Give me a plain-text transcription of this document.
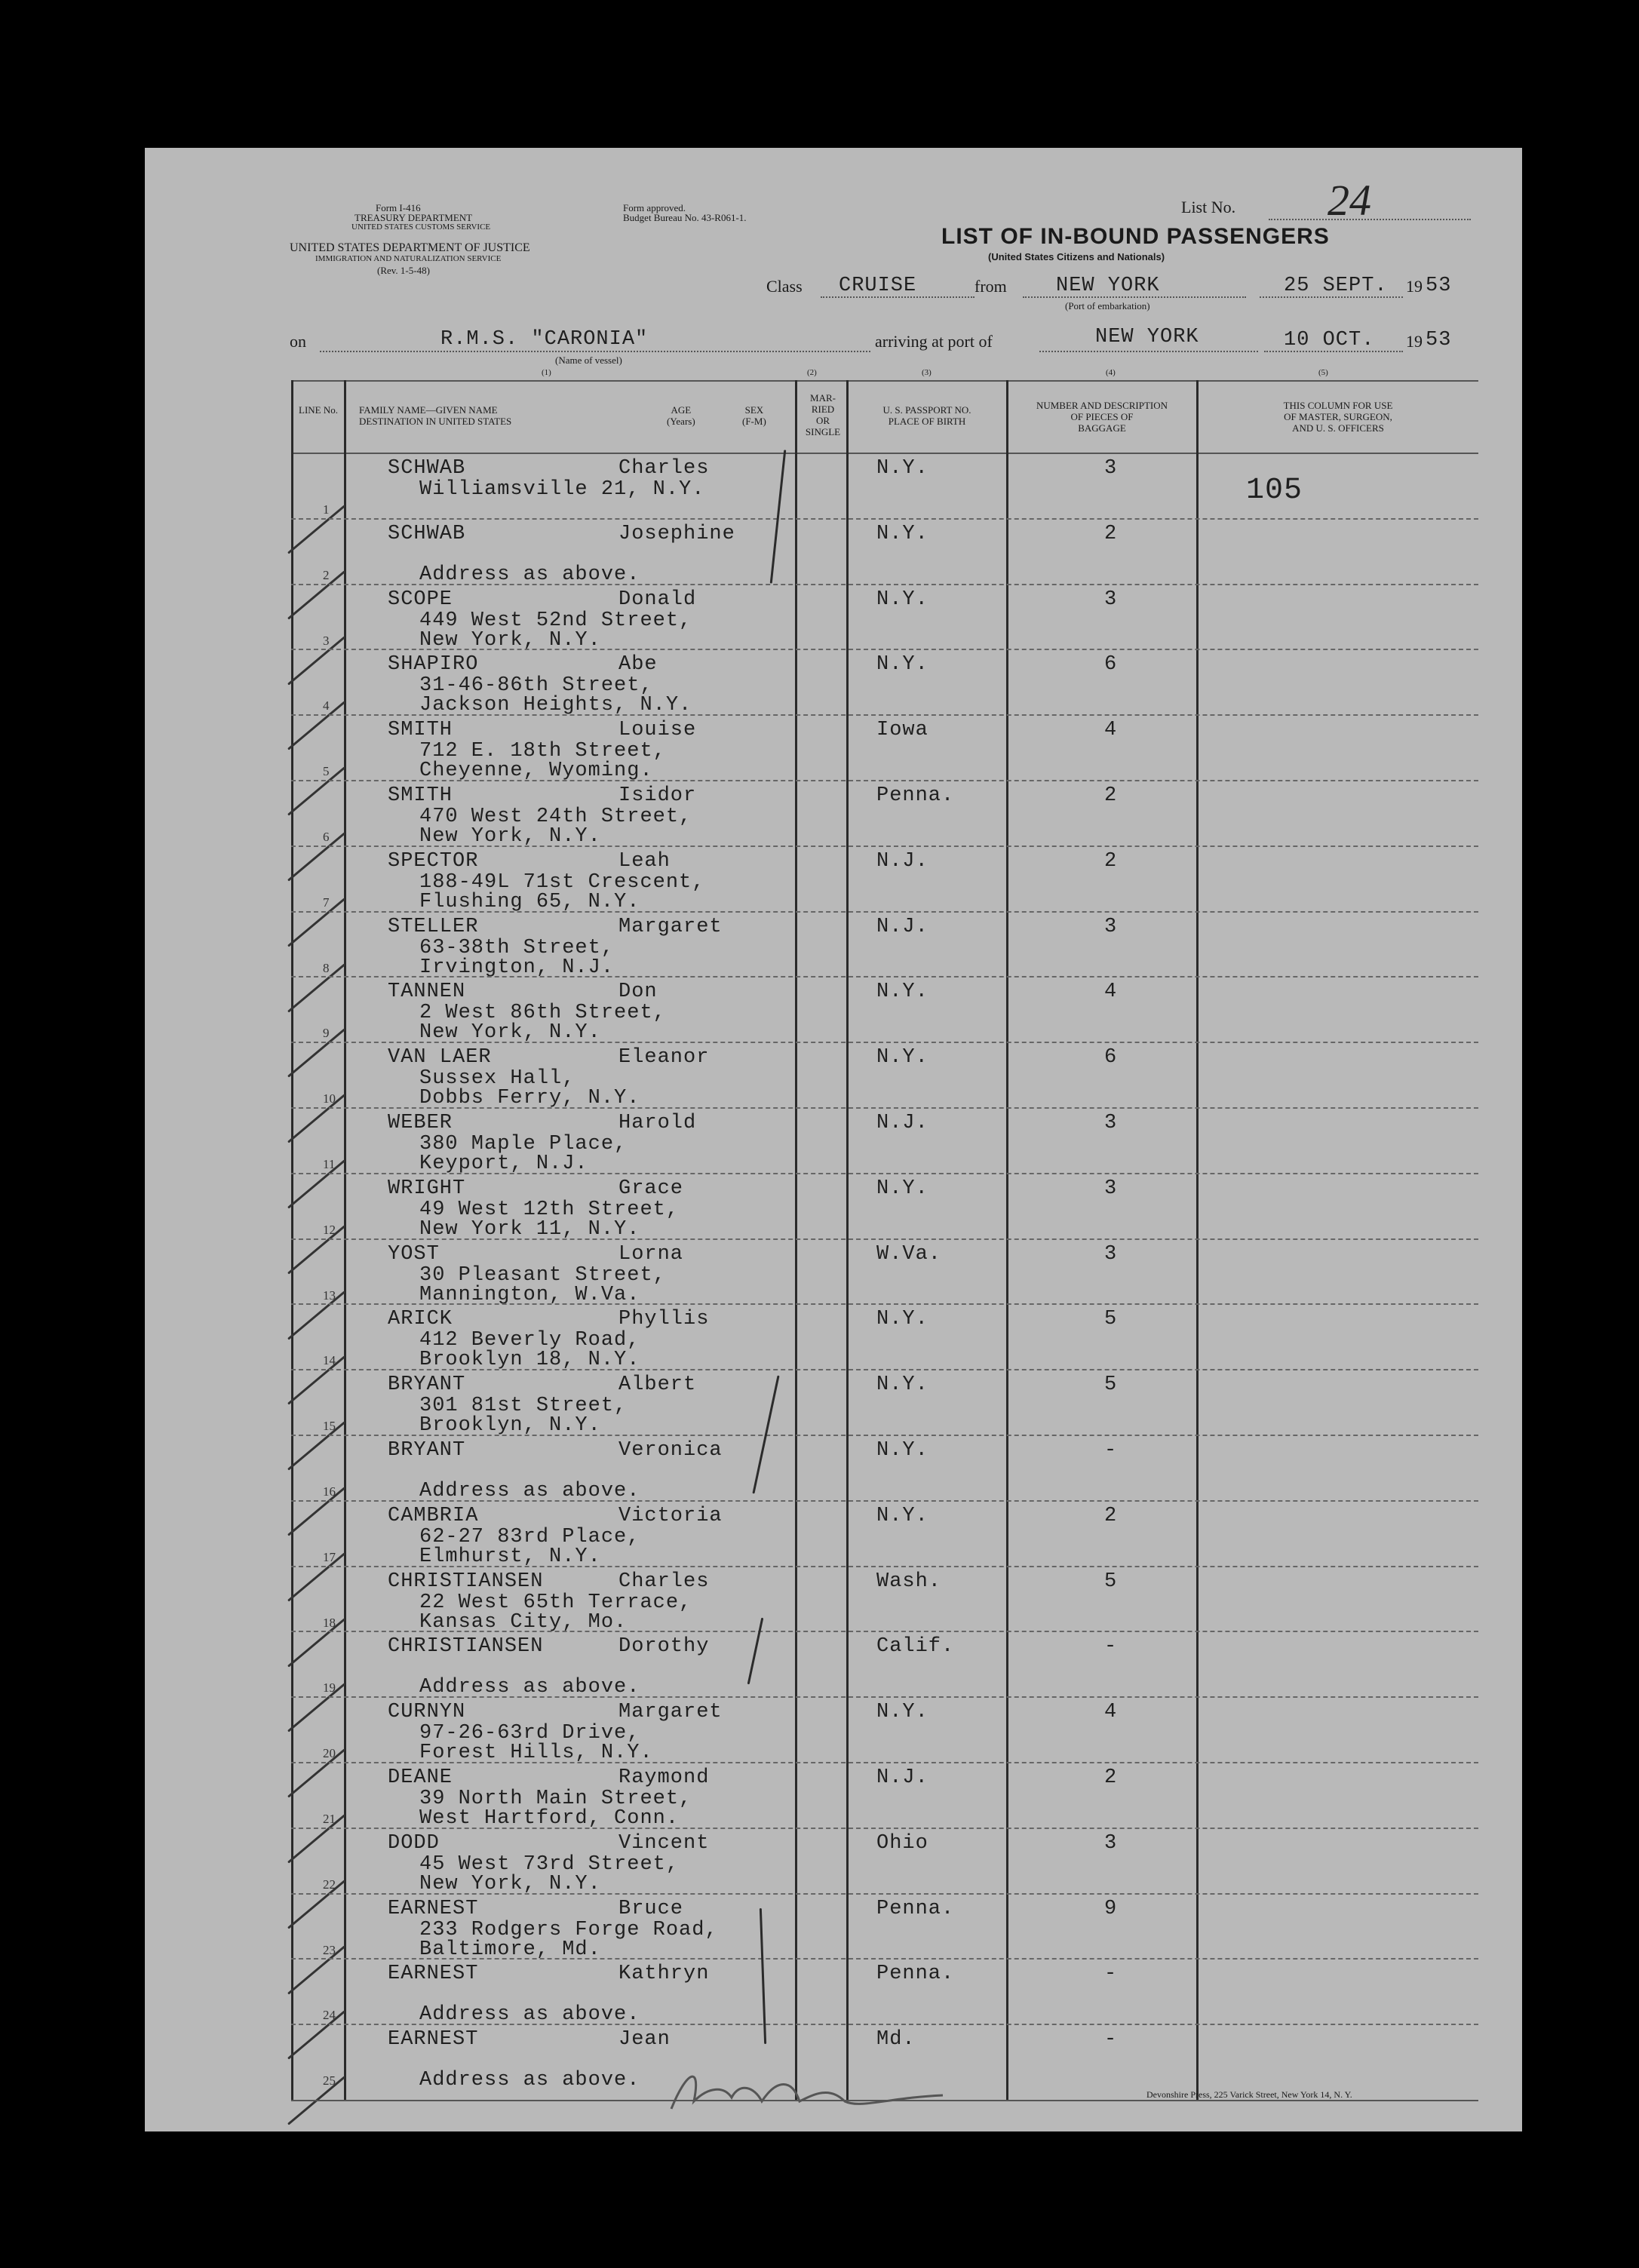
Form I-416
TREASURY DEPARTMENT
UNITED STATES CUSTOMS SERVICE
UNITED STATES DEPARTMENT OF JUSTICE
IMMIGRATION AND NATURALIZATION SERVICE
(Rev. 1-5-48)
Form approved.
Budget Bureau No. 43-R061-1.
List No. 24
LIST OF IN-BOUND PASSENGERS
(United States Citizens and Nationals)
Class CRUISE	from NEW YORK
(Port of embarkation)
25 SEPT. 19 53
on	R.M.S. "CARONIA"
(Name of vessel)
arriving at port of	NEW YORK	10 OCT. 19 53
(1)	(2)	(3)	(4)	(5)
LINE No. FAMILY NAME—GIVEN NAME
DESTINATION IN UNITED STATES
AGE
(Years)
SEX
(F-M)
MAR-
RIED
OR
SINGLE
U. S. PASSPORT NO.
PLACE OF BIRTH
NUMBER AND DESCRIPTION
OF PIECES OF
BAGGAGE
THIS COLUMN FOR USE
OF MASTER, SURGEON,
AND U. S. OFFICERS
105
1
SCHWAB	Charles
Williamsville 21, N.Y.
N.Y.	3
2
SCHWAB	Josephine
Address as above.
N.Y.	2
3
SCOPE	Donald
449 West 52nd Street,
New York, N.Y.
N.Y.	3
4
SHAPIRO	Abe
31-46-86th Street,
Jackson Heights, N.Y.
N.Y.	6
5
SMITH	Louise
712 E. 18th Street,
Cheyenne, Wyoming.
Iowa	4
6
SMITH	Isidor
470 West 24th Street,
New York, N.Y.
Penna.	2
7
SPECTOR	Leah
188-49L 71st Crescent,
Flushing 65, N.Y.
N.J.	2
8
STELLER	Margaret
63-38th Street,
Irvington, N.J.
N.J.	3
9
TANNEN	Don
2 West 86th Street,
New York, N.Y.
N.Y.	4
10
VAN LAER	Eleanor
Sussex Hall,
Dobbs Ferry, N.Y.
N.Y.	6
11
WEBER	Harold
380 Maple Place,
Keyport, N.J.
N.J.	3
12
WRIGHT	Grace
49 West 12th Street,
New York 11, N.Y.
N.Y.	3
13
YOST	Lorna
30 Pleasant Street,
Mannington, W.Va.
W.Va.	3
14
ARICK	Phyllis
412 Beverly Road,
Brooklyn 18, N.Y.
N.Y.	5
15
BRYANT	Albert
301 81st Street,
Brooklyn, N.Y.
N.Y.	5
16
BRYANT	Veronica
Address as above.
N.Y.	-
17
CAMBRIA	Victoria
62-27 83rd Place,
Elmhurst, N.Y.
N.Y.	2
18
CHRISTIANSEN	Charles
22 West 65th Terrace,
Kansas City, Mo.
Wash.	5
19
CHRISTIANSEN	Dorothy
Address as above.
Calif.	-
20
CURNYN	Margaret
97-26-63rd Drive,
Forest Hills, N.Y.
N.Y.	4
21
DEANE	Raymond
39 North Main Street,
West Hartford, Conn.
N.J.	2
22
DODD	Vincent
45 West 73rd Street,
New York, N.Y.
Ohio	3
23
EARNEST	Bruce
233 Rodgers Forge Road,
Baltimore, Md.
Penna.	9
24
EARNEST	Kathryn
Address as above.
Penna.	-
25
EARNEST	Jean
Address as above.
Md.	-
Devonshire Press, 225 Varick Street, New York 14, N. Y.
